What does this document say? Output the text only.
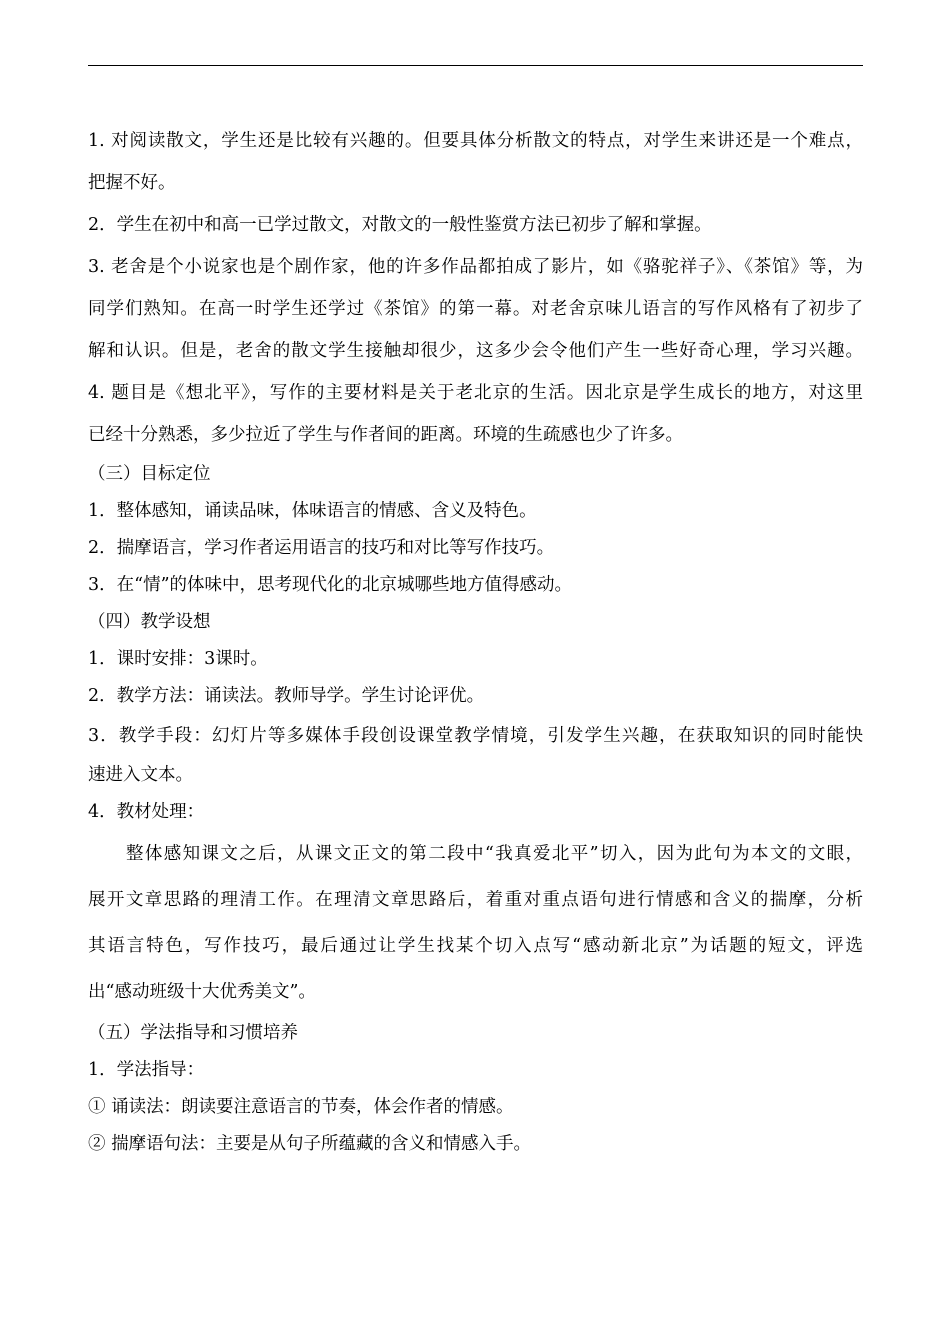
1. 对阅读散文，学生还是比较有兴趣的。但要具体分析散文的特点，对学生来讲还是一个难点，
把握不好。
2．学生在初中和高一已学过散文，对散文的一般性鉴赏方法已初步了解和掌握。
3. 老舍是个小说家也是个剧作家，他的许多作品都拍成了影片，如《骆驼祥子》、《茶馆》等，为
同学们熟知。在高一时学生还学过《茶馆》的第一幕。对老舍京味儿语言的写作风格有了初步了
解和认识。但是，老舍的散文学生接触却很少，这多少会令他们产生一些好奇心理，学习兴趣。
4. 题目是《想北平》，写作的主要材料是关于老北京的生活。因北京是学生成长的地方，对这里
已经十分熟悉，多少拉近了学生与作者间的距离。环境的生疏感也少了许多。
（三）目标定位
1．整体感知，诵读品味，体味语言的情感、含义及特色。
2．揣摩语言，学习作者运用语言的技巧和对比等写作技巧。
3．在“情”的体味中，思考现代化的北京城哪些地方值得感动。
（四）教学设想
1．课时安排：3课时。
2．教学方法：诵读法。教师导学。学生讨论评优。
3．教学手段：幻灯片等多媒体手段创设课堂教学情境，引发学生兴趣，在获取知识的同时能快
速进入文本。
4．教材处理：
整体感知课文之后，从课文正文的第二段中“我真爱北平”切入，因为此句为本文的文眼，
展开文章思路的理清工作。在理清文章思路后，着重对重点语句进行情感和含义的揣摩，分析
其语言特色，写作技巧，最后通过让学生找某个切入点写“感动新北京”为话题的短文，评选
出“感动班级十大优秀美文”。
（五）学法指导和习惯培养
1．学法指导：
① 诵读法：朗读要注意语言的节奏，体会作者的情感。
② 揣摩语句法：主要是从句子所蕴藏的含义和情感入手。
